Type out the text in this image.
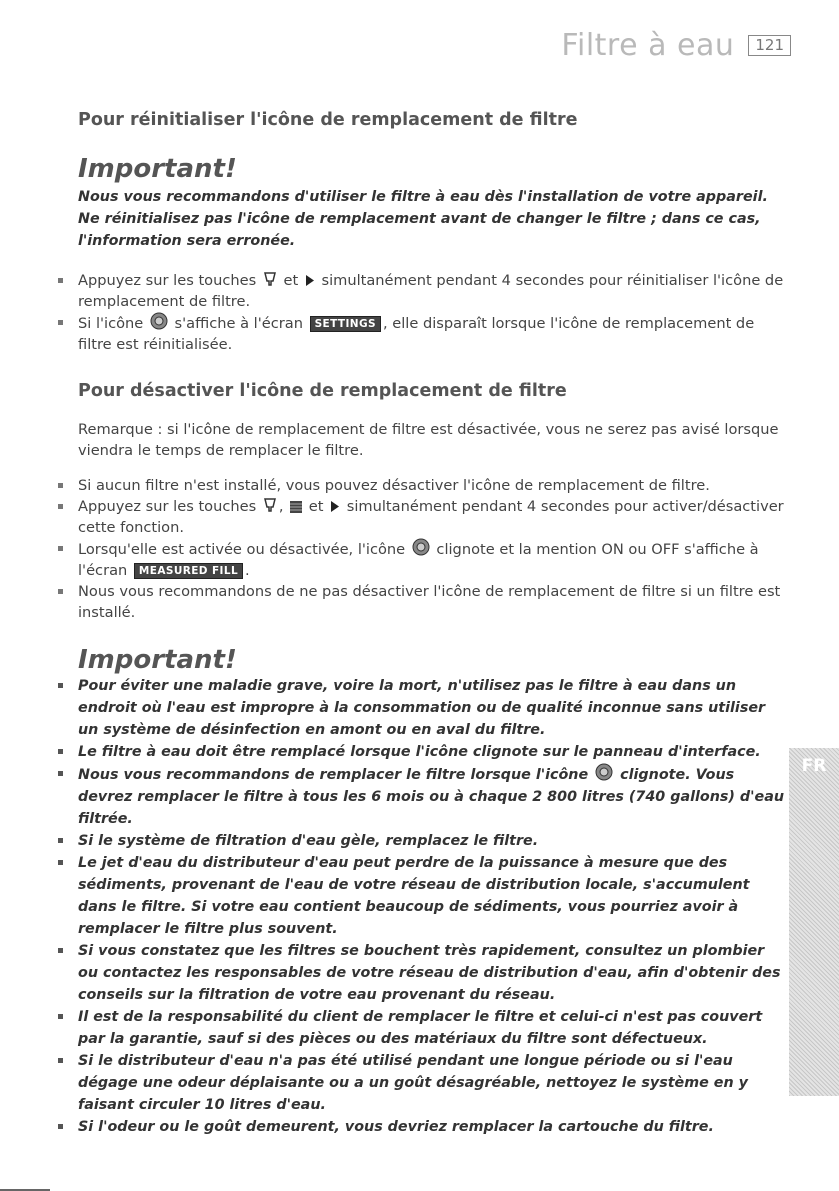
Filtre à eau	121
Pour réinitialiser l'icône de remplacement de filtre

Important!

Nous vous recommandons d'utiliser le filtre à eau dès l'installation de votre appareil.

Ne réinitialisez pas l'icône de remplacement avant de changer le filtre ; dans ce cas, l'information sera erronée.

Appuyez sur les touches et simultanément pendant 4 secondes pour réinitialiser l'icône de remplacement de filtre.
Si l'icône s'affiche à l'écran SETTINGS , elle disparaît lorsque l'icône de remplacement de filtre est réinitialisée.
Pour désactiver l'icône de remplacement de filtre

Remarque : si l'icône de remplacement de filtre est désactivée, vous ne serez pas avisé lorsque viendra le temps de remplacer le filtre.

Si aucun filtre n'est installé, vous pouvez désactiver l'icône de remplacement de filtre.
Appuyez sur les touches , et simultanément pendant 4 secondes pour activer/désactiver cette fonction.
Lorsqu'elle est activée ou désactivée, l'icône clignote et la mention ON ou OFF s'affiche à l'écran MEASURED FILL .
Nous vous recommandons de ne pas désactiver l'icône de remplacement de filtre si un filtre est installé.

Important!

Pour éviter une maladie grave, voire la mort, n'utilisez pas le filtre à eau dans un endroit où l'eau est impropre à la consommation ou de qualité inconnue sans utiliser un système de désinfection en amont ou en aval du filtre.
Le filtre à eau doit être remplacé lorsque l'icône clignote sur le panneau d'interface.
Nous vous recommandons de remplacer le filtre lorsque l'icône clignote. Vous devrez remplacer le filtre à tous les 6 mois ou à chaque 2 800 litres (740 gallons) d'eau filtrée.
Si le système de filtration d'eau gèle, remplacez le filtre.
Le jet d'eau du distributeur d'eau peut perdre de la puissance à mesure que des sédiments, provenant de l'eau de votre réseau de distribution locale, s'accumulent dans le filtre. Si votre eau contient beaucoup de sédiments, vous pourriez avoir à remplacer le filtre plus souvent.
Si vous constatez que les filtres se bouchent très rapidement, consultez un plombier ou contactez les responsables de votre réseau de distribution d'eau, afin d'obtenir des conseils sur la filtration de votre eau provenant du réseau.
Il est de la responsabilité du client de remplacer le filtre et celui-ci n'est pas couvert par la garantie, sauf si des pièces ou des matériaux du filtre sont défectueux.
Si le distributeur d'eau n'a pas été utilisé pendant une longue période ou si l'eau dégage une odeur déplaisante ou a un goût désagréable, nettoyez le système en y faisant circuler 10 litres d'eau.
Si l'odeur ou le goût demeurent, vous devriez remplacer la cartouche du filtre.
FR
